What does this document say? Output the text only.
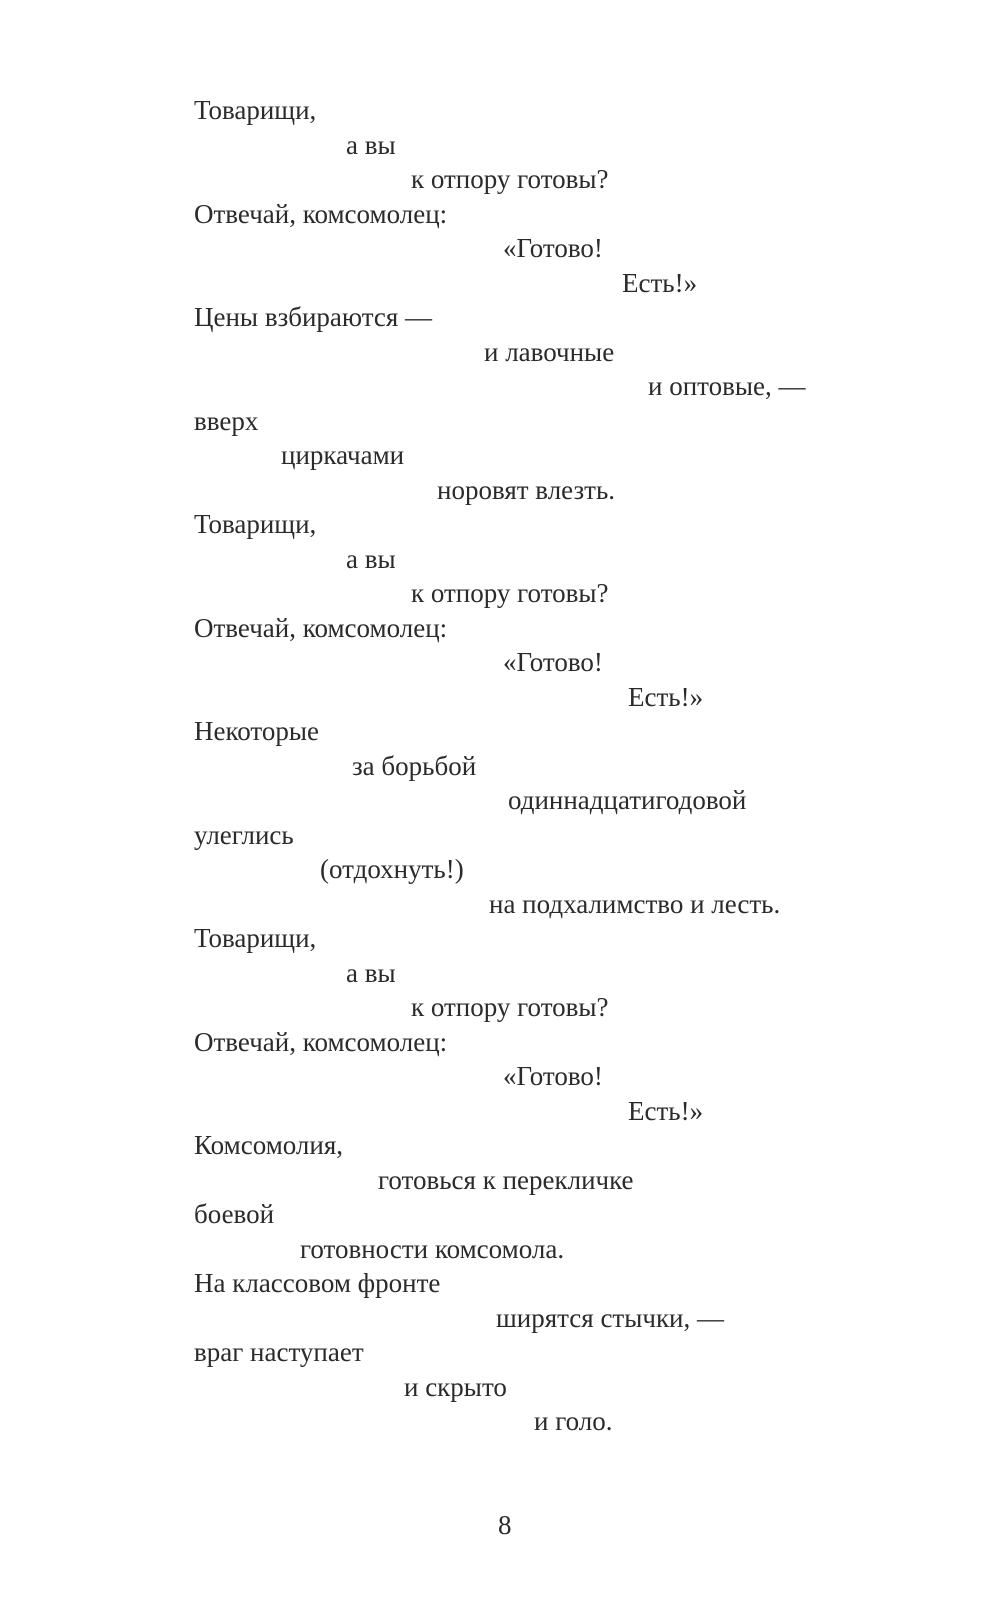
Товарищи,
а вы
к отпору готовы?
Отвечай, комсомолец:
«Готово!
Есть!»
Цены взбираются —
и лавочные
и оптовые, —
вверх
циркачами
норовят влезть.
Товарищи,
а вы
к отпору готовы?
Отвечай, комсомолец:
«Готово!
Есть!»
Некоторые
за борьбой
одиннадцатигодовой
улеглись
(отдохнуть!)
на подхалимство и лесть.
Товарищи,
а вы
к отпору готовы?
Отвечай, комсомолец:
«Готово!
Есть!»
Комсомолия,
готовься к перекличке
боевой
готовности комсомола.
На классовом фронте
ширятся стычки, —
враг наступает
и скрыто
и голо.
8
